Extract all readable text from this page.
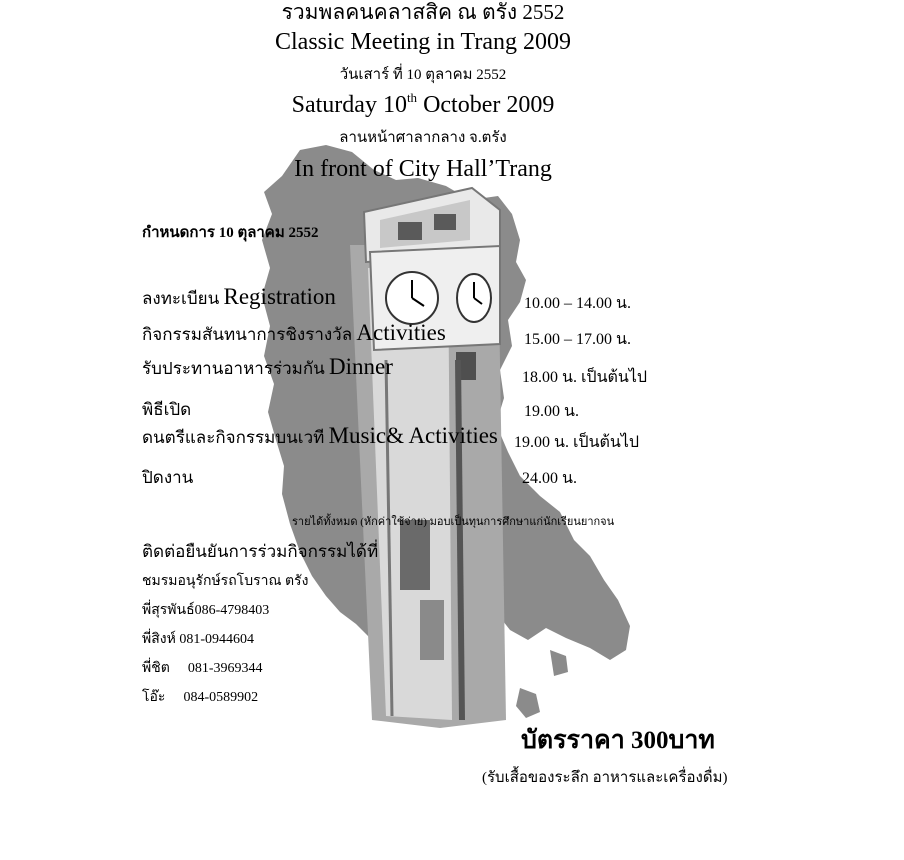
รวมพลคนคลาสสิค ณ ตรัง 2552
Classic Meeting in Trang 2009
วันเสาร์ ที่ 10 ตุลาคม 2552
Saturday 10th October 2009
ลานหน้าศาลากลาง จ.ตรัง
In front of City Hall’Trang
กำหนดการ 10 ตุลาคม 2552
ลงทะเบียน Registration	10.00 – 14.00 น.
กิจกรรมสันทนาการชิงรางวัล Activities	15.00 – 17.00 น.
รับประทานอาหารร่วมกัน Dinner	18.00 น. เป็นต้นไป
พิธีเปิด	19.00 น.
ดนตรีและกิจกรรมบนเวที Music& Activities 19.00 น. เป็นต้นไป
ปิดงาน	24.00 น.
รายได้ทั้งหมด (หักค่าใช้จ่าย) มอบเป็นทุนการศึกษาแก่นักเรียนยากจน
ติดต่อยืนยันการร่วมกิจกรรมได้ที่
ชมรมอนุรักษ์รถโบราณ ตรัง
พี่สุรพันธ์086-4798403
พี่สิงห์ 081-0944604
พี่ชิต 081-3969344
โอ๊ะ 084-0589902
บัตรราคา 300บาท
(รับเสื้อของระลึก อาหารและเครื่องดื่ม)
